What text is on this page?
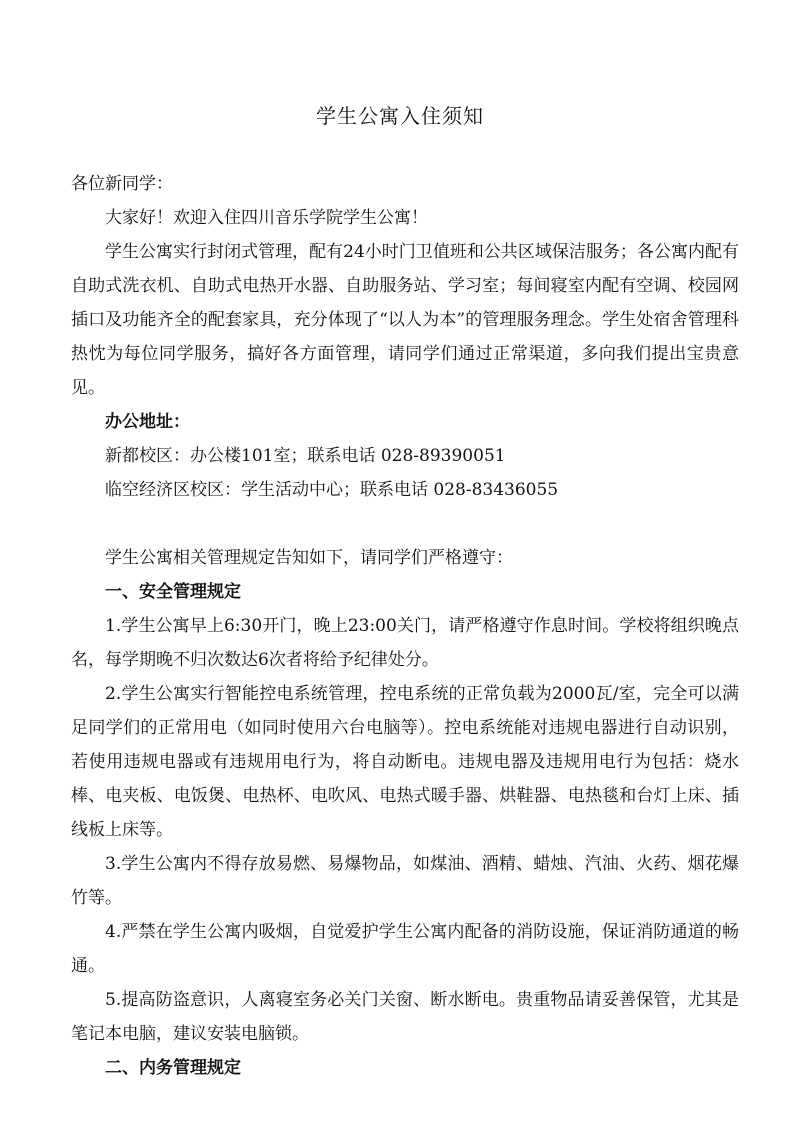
学生公寓入住须知

各位新同学：

大家好！欢迎入住四川音乐学院学生公寓！

学生公寓实行封闭式管理，配有24小时门卫值班和公共区域保洁服务；各公寓内配有自助式洗衣机、自助式电热开水器、自助服务站、学习室；每间寝室内配有空调、校园网插口及功能齐全的配套家具，充分体现了“以人为本”的管理服务理念。学生处宿舍管理科热忱为每位同学服务，搞好各方面管理，请同学们通过正常渠道，多向我们提出宝贵意见。

办公地址：

新都校区：办公楼101室；联系电话 028-89390051

临空经济区校区：学生活动中心；联系电话 028-83436055

学生公寓相关管理规定告知如下，请同学们严格遵守：

一、安全管理规定

1.学生公寓早上6:30开门，晚上23:00关门，请严格遵守作息时间。学校将组织晚点名，每学期晚不归次数达6次者将给予纪律处分。

2.学生公寓实行智能控电系统管理，控电系统的正常负载为2000瓦/室，完全可以满足同学们的正常用电（如同时使用六台电脑等）。控电系统能对违规电器进行自动识别，若使用违规电器或有违规用电行为，将自动断电。违规电器及违规用电行为包括：烧水棒、电夹板、电饭煲、电热杯、电吹风、电热式暖手器、烘鞋器、电热毯和台灯上床、插线板上床等。

3.学生公寓内不得存放易燃、易爆物品，如煤油、酒精、蜡烛、汽油、火药、烟花爆竹等。

4.严禁在学生公寓内吸烟，自觉爱护学生公寓内配备的消防设施，保证消防通道的畅通。

5.提高防盗意识，人离寝室务必关门关窗、断水断电。贵重物品请妥善保管，尤其是笔记本电脑，建议安装电脑锁。

二、内务管理规定
